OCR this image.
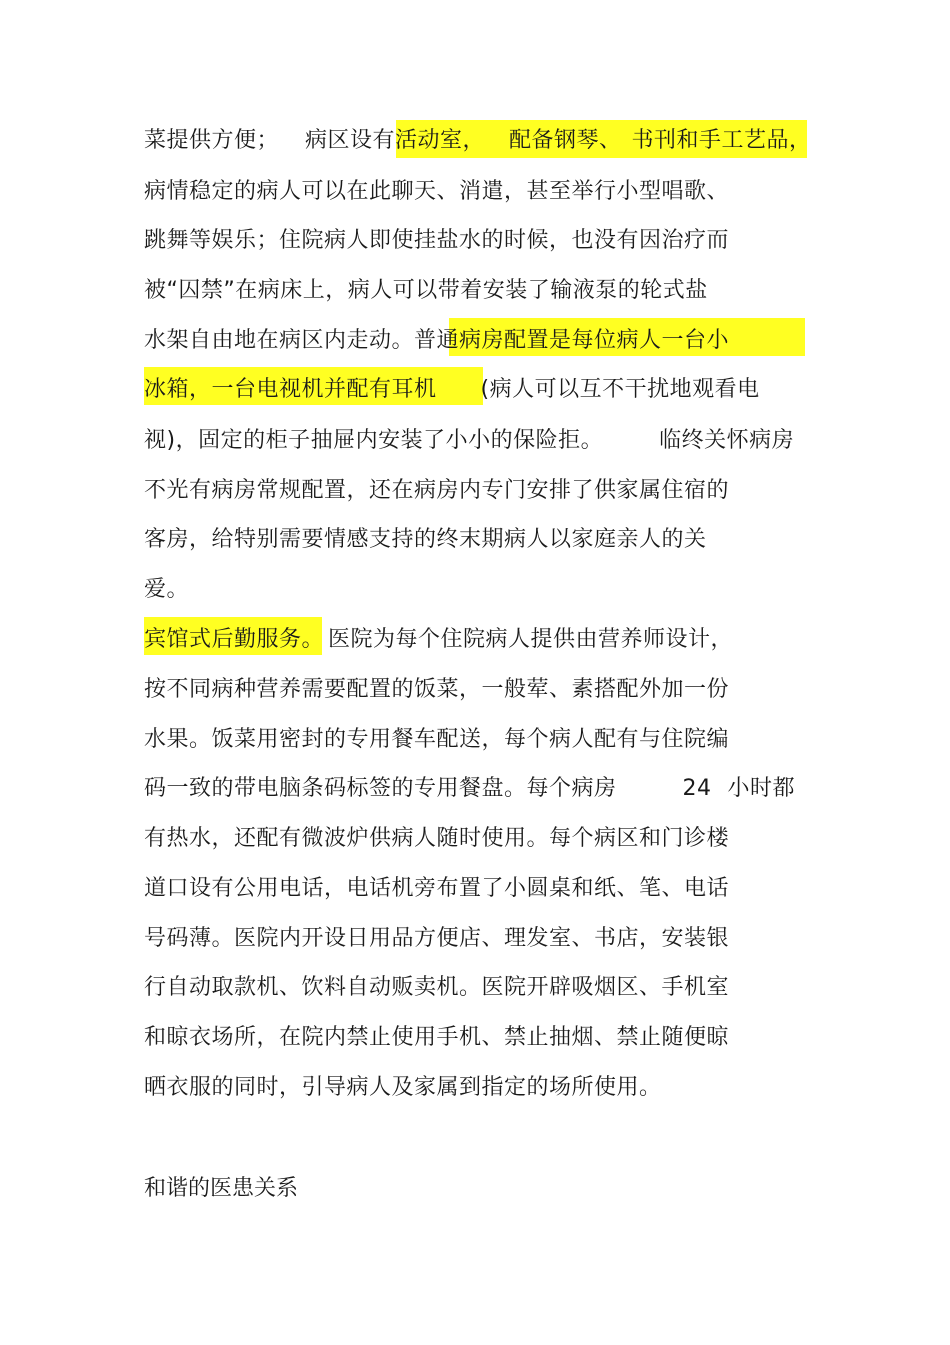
菜提供方便； 病区设有活动室， 配备钢琴、 书刊和手工艺品，
病情稳定的病人可以在此聊天、消遣，甚至举行小型唱歌、
跳舞等娱乐；住院病人即使挂盐水的时候，也没有因治疗而
被“囚禁”在病床上，病人可以带着安装了输液泵的轮式盐
水架自由地在病区内走动。普通病房配置是每位病人一台小
冰箱，一台电视机并配有耳机 (病人可以互不干扰地观看电
视)，固定的柜子抽屉内安装了小小的保险拒。	临终关怀病房
不光有病房常规配置，还在病房内专门安排了供家属住宿的
客房，给特别需要情感支持的终末期病人以家庭亲人的关
爱。
宾馆式后勤服务。 医院为每个住院病人提供由营养师设计，
按不同病种营养需要配置的饭菜，一般荤、素搭配外加一份
水果。饭菜用密封的专用餐车配送，每个病人配有与住院编
码一致的带电脑条码标签的专用餐盘。每个病房	24 小时都
有热水，还配有微波炉供病人随时使用。每个病区和门诊楼
道口设有公用电话，电话机旁布置了小圆桌和纸、笔、电话
号码薄。医院内开设日用品方便店、理发室、书店，安装银
行自动取款机、饮料自动贩卖机。医院开辟吸烟区、手机室
和晾衣场所，在院内禁止使用手机、禁止抽烟、禁止随便晾
晒衣服的同时，引导病人及家属到指定的场所使用。
和谐的医患关系
